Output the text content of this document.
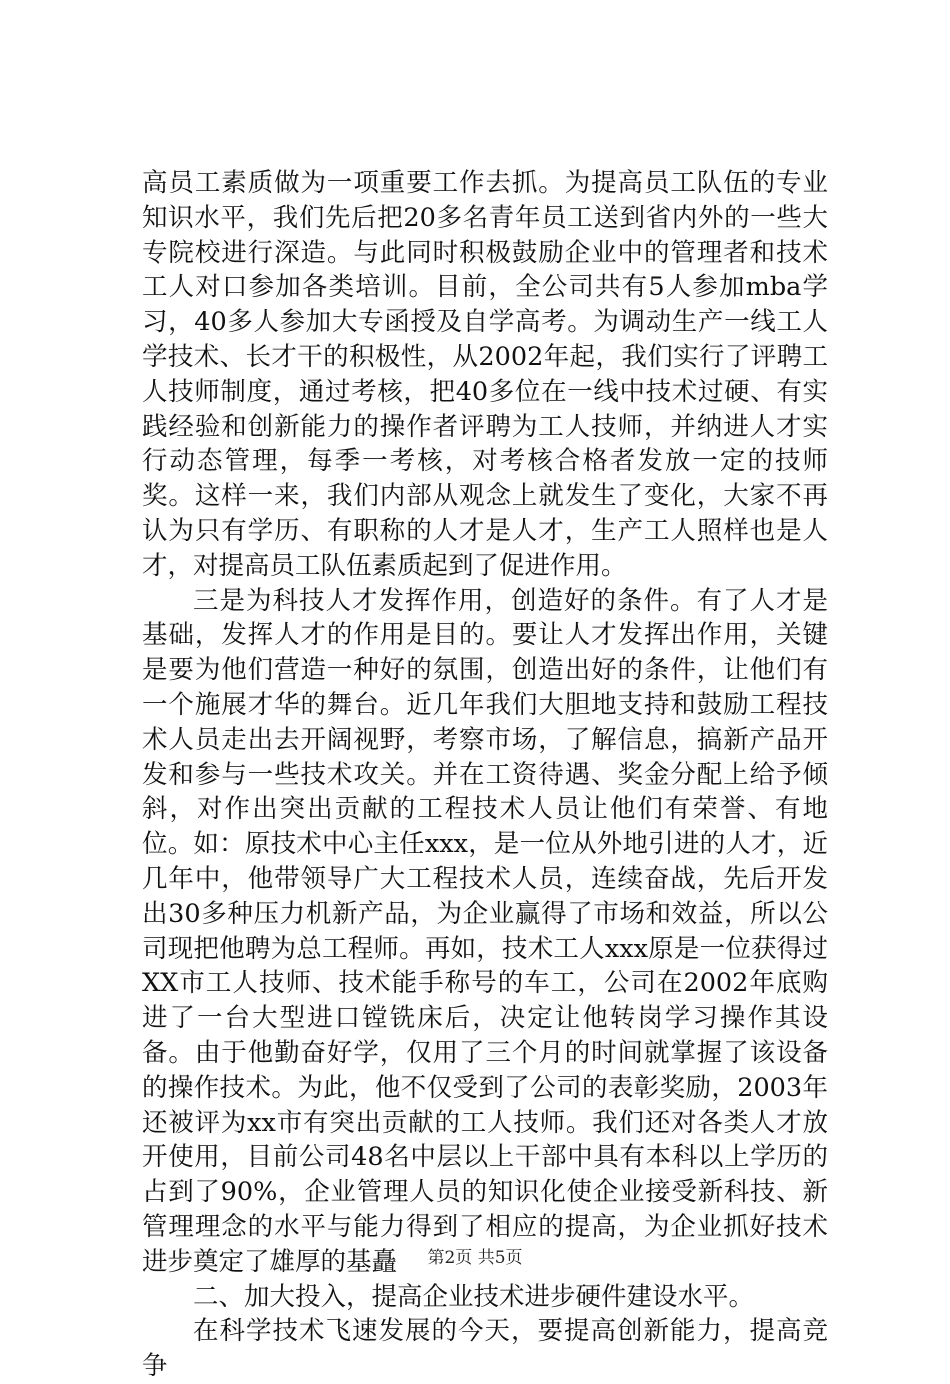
高员工素质做为一项重要工作去抓。为提高员工队伍的专业知识水平，我们先后把20多名青年员工送到省内外的一些大专院校进行深造。与此同时积极鼓励企业中的管理者和技术工人对口参加各类培训。目前，全公司共有5人参加mba学习，40多人参加大专函授及自学高考。为调动生产一线工人学技术、长才干的积极性，从2002年起，我们实行了评聘工人技师制度，通过考核，把40多位在一线中技术过硬、有实践经验和创新能力的操作者评聘为工人技师，并纳进人才实行动态管理，每季一考核，对考核合格者发放一定的技师奖。这样一来，我们内部从观念上就发生了变化，大家不再认为只有学历、有职称的人才是人才，生产工人照样也是人才，对提高员工队伍素质起到了促进作用。

三是为科技人才发挥作用，创造好的条件。有了人才是基础，发挥人才的作用是目的。要让人才发挥出作用，关键是要为他们营造一种好的氛围，创造出好的条件，让他们有一个施展才华的舞台。近几年我们大胆地支持和鼓励工程技术人员走出去开阔视野，考察市场，了解信息，搞新产品开发和参与一些技术攻关。并在工资待遇、奖金分配上给予倾斜，对作出突出贡献的工程技术人员让他们有荣誉、有地位。如：原技术中心主任xxx，是一位从外地引进的人才，近几年中，他带领导广大工程技术人员，连续奋战，先后开发出30多种压力机新产品，为企业赢得了市场和效益，所以公司现把他聘为总工程师。再如，技术工人xxx原是一位获得过XX市工人技师、技术能手称号的车工，公司在2002年底购进了一台大型进口镗铣床后，决定让他转岗学习操作其设备。由于他勤奋好学，仅用了三个月的时间就掌握了该设备的操作技术。为此，他不仅受到了公司的表彰奖励，2003年还被评为xx市有突出贡献的工人技师。我们还对各类人才放开使用，目前公司48名中层以上干部中具有本科以上学历的占到了90%，企业管理人员的知识化使企业接受新科技、新管理理念的水平与能力得到了相应的提高，为企业抓好技术进步奠定了雄厚的基矗

二、加大投入，提高企业技术进步硬件建设水平。

在科学技术飞速发展的今天，要提高创新能力，提高竞争

第2页 共5页
